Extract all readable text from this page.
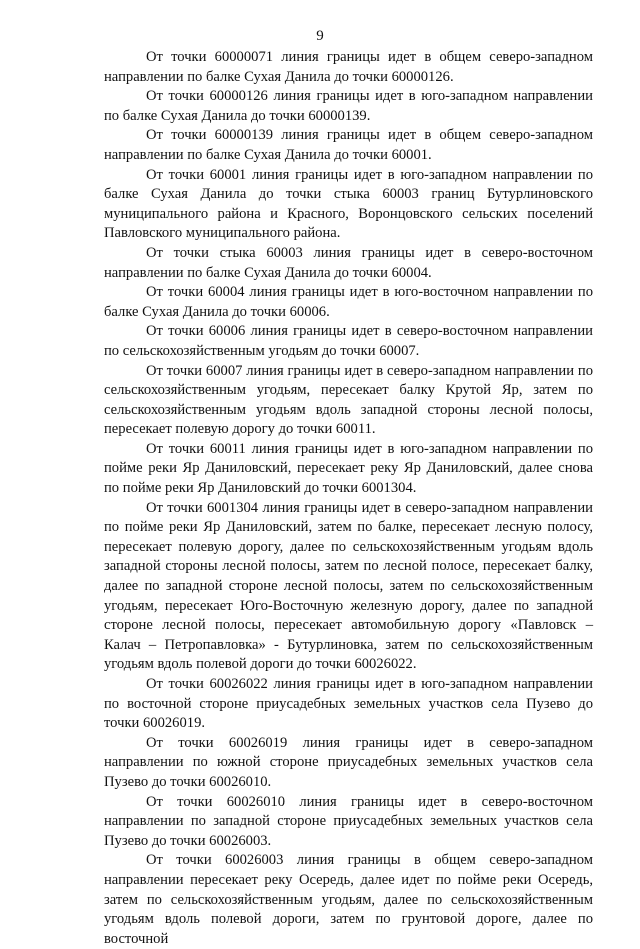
9

От точки 60000071 линия границы идет в общем северо-западном направлении по балке Сухая Данила до точки 60000126.

От точки 60000126 линия границы идет в юго-западном направлении по балке Сухая Данила до точки 60000139.

От точки 60000139 линия границы идет в общем северо-западном направлении по балке Сухая Данила до точки 60001.

От точки 60001 линия границы идет в юго-западном направлении по балке Сухая Данила до точки стыка 60003 границ Бутурлиновского муниципального района и Красного, Воронцовского сельских поселений Павловского муниципального района.

От точки стыка 60003 линия границы идет в северо-восточном направлении по балке Сухая Данила до точки 60004.

От точки 60004 линия границы идет в юго-восточном направлении по балке Сухая Данила до точки 60006.

От точки 60006 линия границы идет в северо-восточном направлении по сельскохозяйственным угодьям до точки 60007.

От точки 60007 линия границы идет в северо-западном направлении по сельскохозяйственным угодьям, пересекает балку Крутой Яр, затем по сельскохозяйственным угодьям вдоль западной стороны лесной полосы, пересекает полевую дорогу до точки 60011.

От точки 60011 линия границы идет в юго-западном направлении по пойме реки Яр Даниловский, пересекает реку Яр Даниловский, далее снова по пойме реки Яр Даниловский до точки 6001304.

От точки 6001304 линия границы идет в северо-западном направлении по пойме реки Яр Даниловский, затем по балке, пересекает лесную полосу, пересекает полевую дорогу, далее по сельскохозяйственным угодьям вдоль западной стороны лесной полосы, затем по лесной полосе, пересекает балку, далее по западной стороне лесной полосы, затем по сельскохозяйственным угодьям, пересекает Юго-Восточную железную дорогу, далее по западной стороне лесной полосы, пересекает автомобильную дорогу «Павловск – Калач – Петропавловка» - Бутурлиновка, затем по сельскохозяйственным угодьям вдоль полевой дороги до точки 60026022.

От точки 60026022 линия границы идет в юго-западном направлении по восточной стороне приусадебных земельных участков села Пузево до точки 60026019.

От точки 60026019 линия границы идет в северо-западном направлении по южной стороне приусадебных земельных участков села Пузево до точки 60026010.

От точки 60026010 линия границы идет в северо-восточном направлении по западной стороне приусадебных земельных участков села Пузево до точки 60026003.

От точки 60026003 линия границы в общем северо-западном направлении пересекает реку Осередь, далее идет по пойме реки Осередь, затем по сельскохозяйственным угодьям, далее по сельскохозяйственным угодьям вдоль полевой дороги, затем по грунтовой дороге, далее по восточной
